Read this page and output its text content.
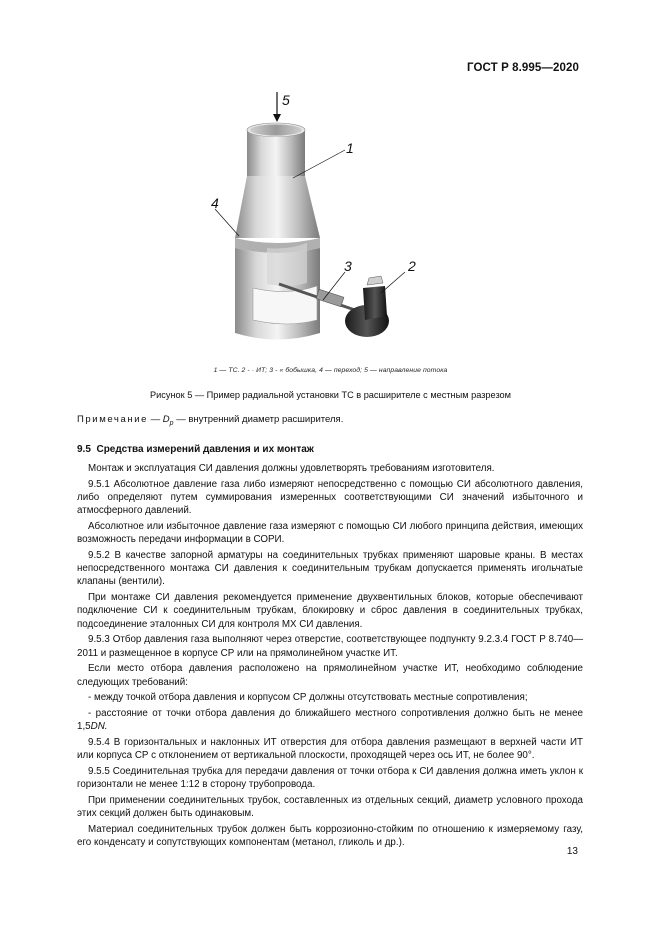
ГОСТ Р 8.995—2020
5
1
4
3	2
1 — ТС. 2 - · ИТ; 3 - « бобышка, 4 — переход; 5 — направление потока
Рисунок 5 — Пример радиальной установки ТС в расширителе с местным разрезом
Примечание — $D_р$ — внутренний диаметр расширителя.
9.5 Средства измерений давления и их монтаж

Монтаж и эксплуатация СИ давления должны удовлетворять требованиям изготовителя.

9.5.1 Абсолютное давление газа либо измеряют непосредственно с помощью СИ абсолютного давления, либо определяют путем суммирования измеренных соответствующими СИ значений избыточного и атмосферного давлений.

Абсолютное или избыточное давление газа измеряют с помощью СИ любого принципа действия, имеющих возможность передачи информации в СОРИ.

9.5.2 В качестве запорной арматуры на соединительных трубках применяют шаровые краны. В местах непосредственного монтажа СИ давления к соединительным трубкам допускается применять игольчатые клапаны (вентили).

При монтаже СИ давления рекомендуется применение двухвентильных блоков, которые обеспечивают подключение СИ к соединительным трубкам, блокировку и сброс давления в соединительных трубках, подсоединение эталонных СИ для контроля МХ СИ давления.

9.5.3 Отбор давления газа выполняют через отверстие, соответствующее подпункту 9.2.3.4 ГОСТ Р 8.740—2011 и размещенное в корпусе СР или на прямолинейном участке ИТ.

Если место отбора давления расположено на прямолинейном участке ИТ, необходимо соблюдение следующих требований:

- между точкой отбора давления и корпусом СР должны отсутствовать местные сопротивления;

- расстояние от точки отбора давления до ближайшего местного сопротивления должно быть не менее 1,5DN.

9.5.4 В горизонтальных и наклонных ИТ отверстия для отбора давления размещают в верхней части ИТ или корпуса СР с отклонением от вертикальной плоскости, проходящей через ось ИТ, не более 90°.

9.5.5 Соединительная трубка для передачи давления от точки отбора к СИ давления должна иметь уклон к горизонтали не менее 1:12 в сторону трубопровода.

При применении соединительных трубок, составленных из отдельных секций, диаметр условного прохода этих секций должен быть одинаковым.

Материал соединительных трубок должен быть коррозионно-стойким по отношению к измеряемому газу, его конденсату и сопутствующих компонентам (метанол, гликоль и др.).

13
